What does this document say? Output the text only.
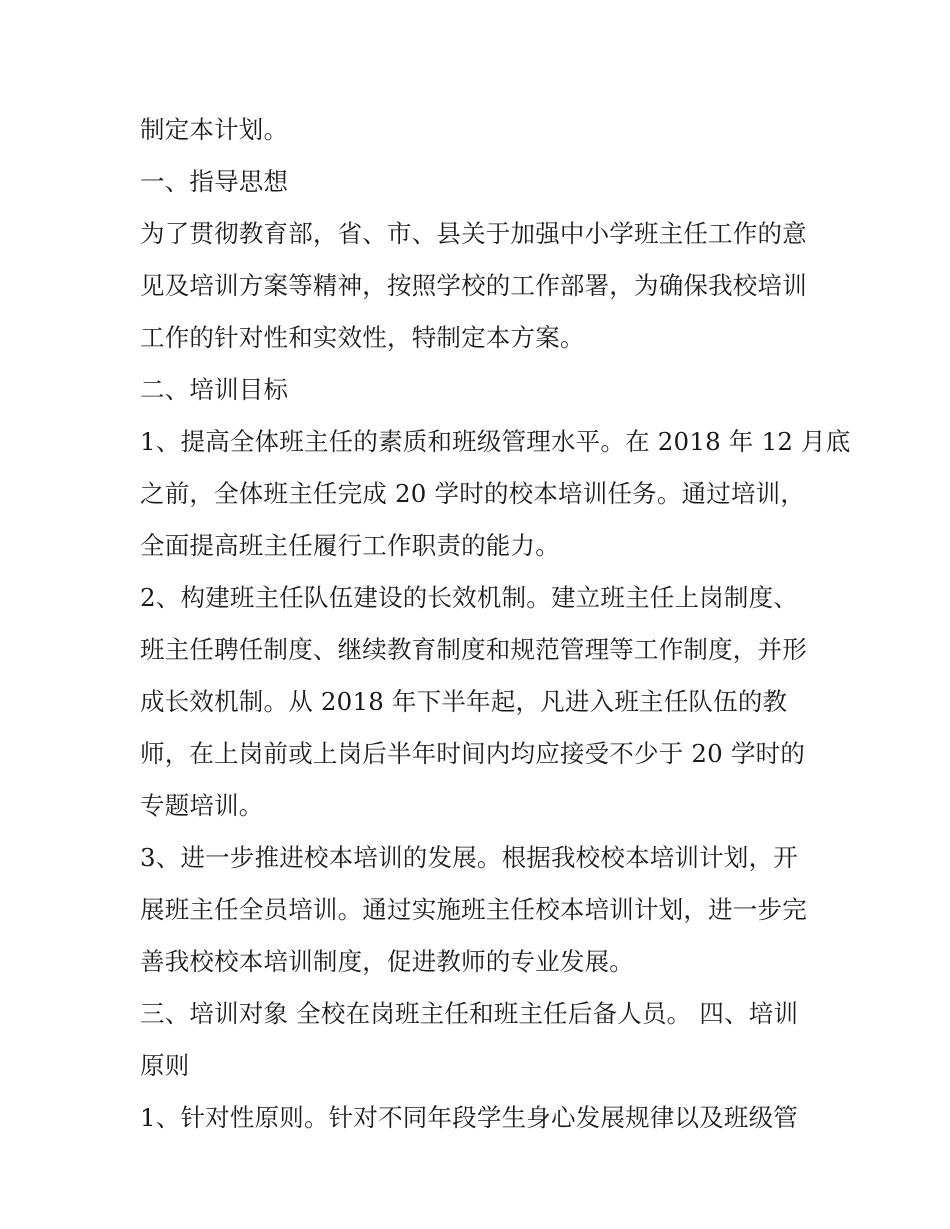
制定本计划。

一、指导思想

为了贯彻教育部，省、市、县关于加强中小学班主任工作的意

见及培训方案等精神，按照学校的工作部署，为确保我校培训

工作的针对性和实效性，特制定本方案。

二、培训目标

1、提高全体班主任的素质和班级管理水平。在 2018 年 12 月底

之前，全体班主任完成 20 学时的校本培训任务。通过培训，

全面提高班主任履行工作职责的能力。

2、构建班主任队伍建设的长效机制。建立班主任上岗制度、

班主任聘任制度、继续教育制度和规范管理等工作制度，并形

成长效机制。从 2018 年下半年起，凡进入班主任队伍的教

师，在上岗前或上岗后半年时间内均应接受不少于 20 学时的

专题培训。

3、进一步推进校本培训的发展。根据我校校本培训计划，开

展班主任全员培训。通过实施班主任校本培训计划，进一步完

善我校校本培训制度，促进教师的专业发展。

三、培训对象 全校在岗班主任和班主任后备人员。 四、培训

原则

1、针对性原则。针对不同年段学生身心发展规律以及班级管
